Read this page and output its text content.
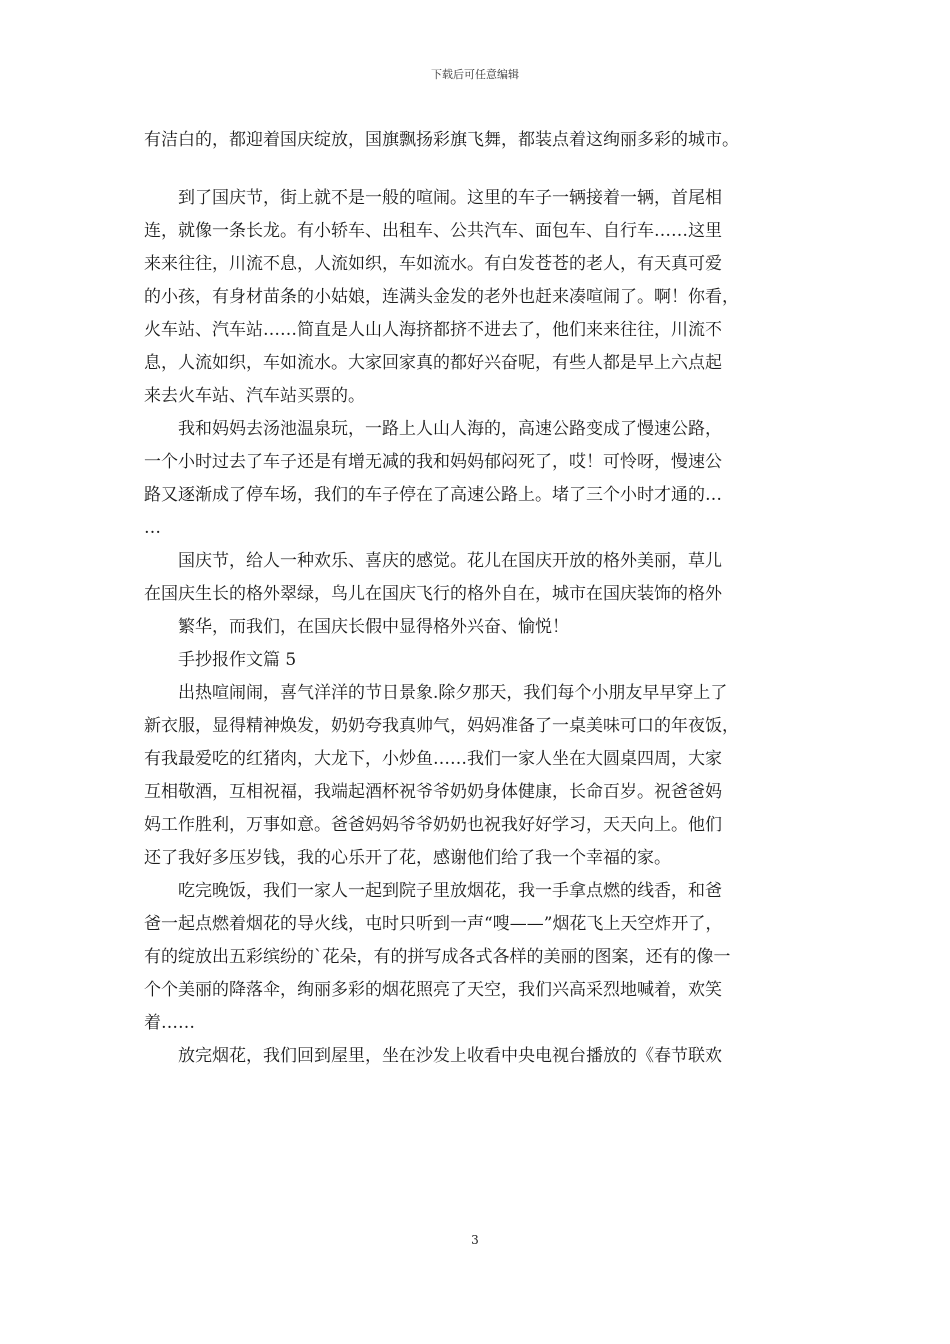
下载后可任意编辑
有洁白的，都迎着国庆绽放，国旗飘扬彩旗飞舞，都装点着这绚丽多彩的城市。
　　到了国庆节，街上就不是一般的喧闹。这里的车子一辆接着一辆，首尾相
连，就像一条长龙。有小轿车、出租车、公共汽车、面包车、自行车……这里
来来往往，川流不息，人流如织，车如流水。有白发苍苍的老人，有天真可爱
的小孩，有身材苗条的小姑娘，连满头金发的老外也赶来凑喧闹了。啊！你看，
火车站、汽车站……简直是人山人海挤都挤不进去了，他们来来往往，川流不
息，人流如织，车如流水。大家回家真的都好兴奋呢，有些人都是早上六点起
来去火车站、汽车站买票的。
　　我和妈妈去汤池温泉玩，一路上人山人海的，高速公路变成了慢速公路，
一个小时过去了车子还是有增无减的我和妈妈郁闷死了，哎！可怜呀，慢速公
路又逐渐成了停车场，我们的车子停在了高速公路上。堵了三个小时才通的…
…
　　国庆节，给人一种欢乐、喜庆的感觉。花儿在国庆开放的格外美丽，草儿
在国庆生长的格外翠绿，鸟儿在国庆飞行的格外自在，城市在国庆装饰的格外
　　繁华，而我们，在国庆长假中显得格外兴奋、愉悦！
　　手抄报作文篇 5
　　出热喧闹闹，喜气洋洋的节日景象.除夕那天，我们每个小朋友早早穿上了
新衣服，显得精神焕发，奶奶夸我真帅气，妈妈准备了一桌美味可口的年夜饭，
有我最爱吃的红猪肉，大龙下，小炒鱼……我们一家人坐在大圆桌四周，大家
互相敬酒，互相祝福，我端起酒杯祝爷爷奶奶身体健康，长命百岁。祝爸爸妈
妈工作胜利，万事如意。爸爸妈妈爷爷奶奶也祝我好好学习，天天向上。他们
还了我好多压岁钱，我的心乐开了花，感谢他们给了我一个幸福的家。
　　吃完晚饭，我们一家人一起到院子里放烟花，我一手拿点燃的线香，和爸
爸一起点燃着烟花的导火线，屯时只听到一声“嗖——”烟花飞上天空炸开了，
有的绽放出五彩缤纷的`花朵，有的拼写成各式各样的美丽的图案，还有的像一
个个美丽的降落伞，绚丽多彩的烟花照亮了天空，我们兴高采烈地喊着，欢笑
着……
　　放完烟花，我们回到屋里，坐在沙发上收看中央电视台播放的《春节联欢
3
